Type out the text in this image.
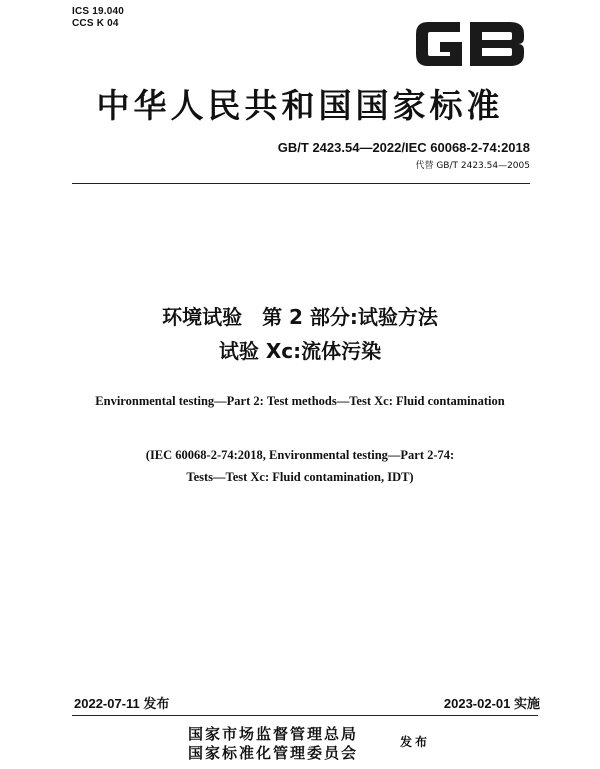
ICS 19.040
CCS K 04
中华人民共和国国家标准
GB/T 2423.54—2022/IEC 60068-2-74:2018
代替 GB/T 2423.54—2005
环境试验　第 2 部分:试验方法
试验 Xc:流体污染
Environmental testing—Part 2: Test methods—Test Xc: Fluid contamination
(IEC 60068-2-74:2018, Environmental testing—Part 2-74:
Tests—Test Xc: Fluid contamination, IDT)
2022-07-11 发布	2023-02-01 实施
国家市场监督管理总局
国家标准化管理委员会
发布
